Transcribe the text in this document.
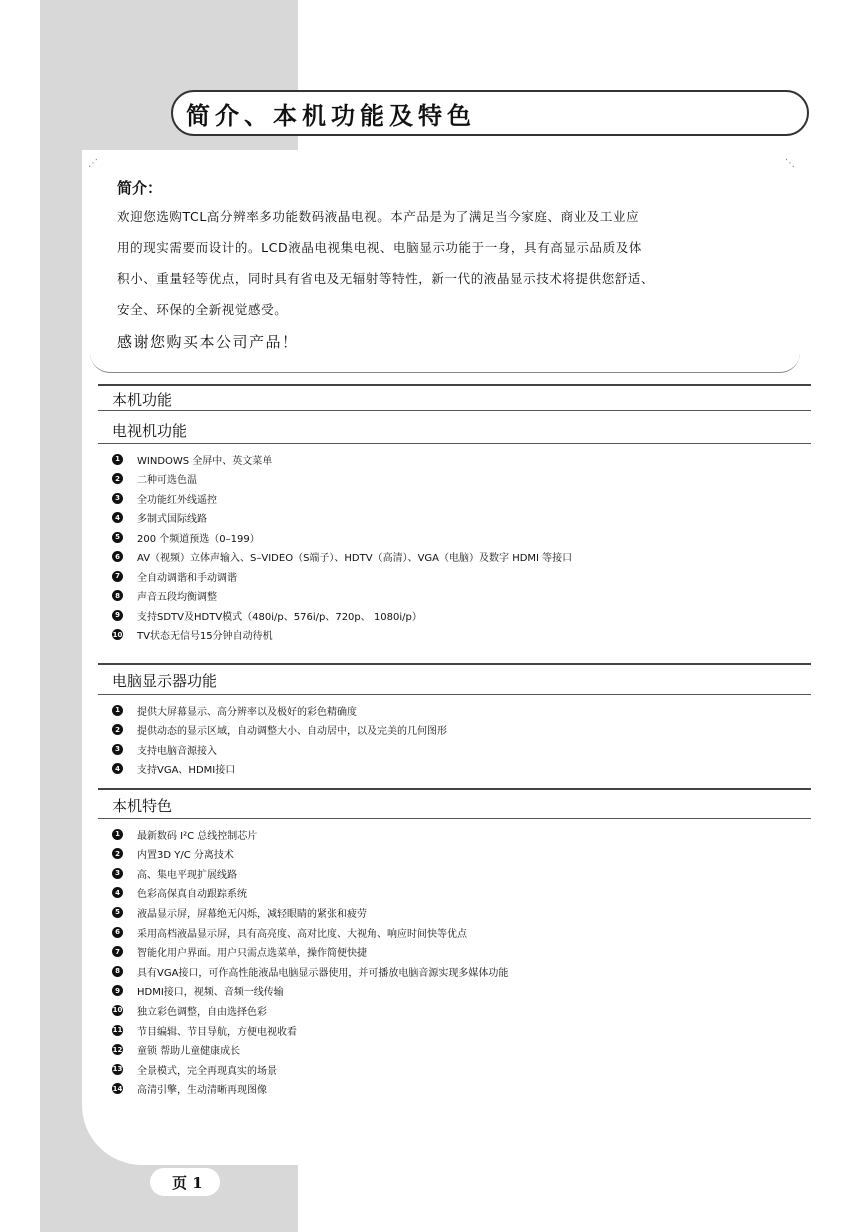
简介、本机功能及特色
⋰	⋱
简介：
欢迎您选购TCL高分辨率多功能数码液晶电视。本产品是为了满足当今家庭、商业及工业应
用的现实需要而设计的。LCD液晶电视集电视、电脑显示功能于一身，具有高显示品质及体
积小、重量轻等优点，同时具有省电及无辐射等特性，新一代的液晶显示技术将提供您舒适、
安全、环保的全新视觉感受。
感谢您购买本公司产品！
本机功能
电视机功能
1	WINDOWS 全屏中、英文菜单
2	二种可选色温
3	全功能红外线遥控
4	多制式国际线路
5	200 个频道预选（0–199）
6	AV（视频）立体声输入、S–VIDEO（S端子）、HDTV（高清）、VGA（电脑）及数字 HDMI 等接口
7	全自动调谐和手动调谐
8	声音五段均衡调整
9	支持SDTV及HDTV模式（480i/p、576i/p、720p、 1080i/p）
10 TV状态无信号15分钟自动待机
电脑显示器功能
1	提供大屏幕显示、高分辨率以及极好的彩色精确度
2	提供动态的显示区域，自动调整大小、自动居中，以及完美的几何图形
3	支持电脑音源接入
4	支持VGA、HDMI接口
本机特色
1	最新数码 I²C 总线控制芯片
2	内置3D Y/C 分离技术
3	高、集电平现扩展线路
4	色彩高保真自动跟踪系统
5	液晶显示屏，屏幕绝无闪烁，减轻眼睛的紧张和疲劳
6	采用高档液晶显示屏，具有高亮度、高对比度、大视角、响应时间快等优点
7	智能化用户界面。用户只需点选菜单，操作简便快捷
8	具有VGA接口，可作高性能液晶电脑显示器使用，并可播放电脑音源实现多媒体功能
9	HDMI接口，视频、音频一线传输
10 独立彩色调整，自由选择色彩
11 节目编辑、节目导航，方便电视收看
12 童锁 帮助儿童健康成长
13 全景模式，完全再现真实的场景
14 高清引擎，生动清晰再现图像
页 1
